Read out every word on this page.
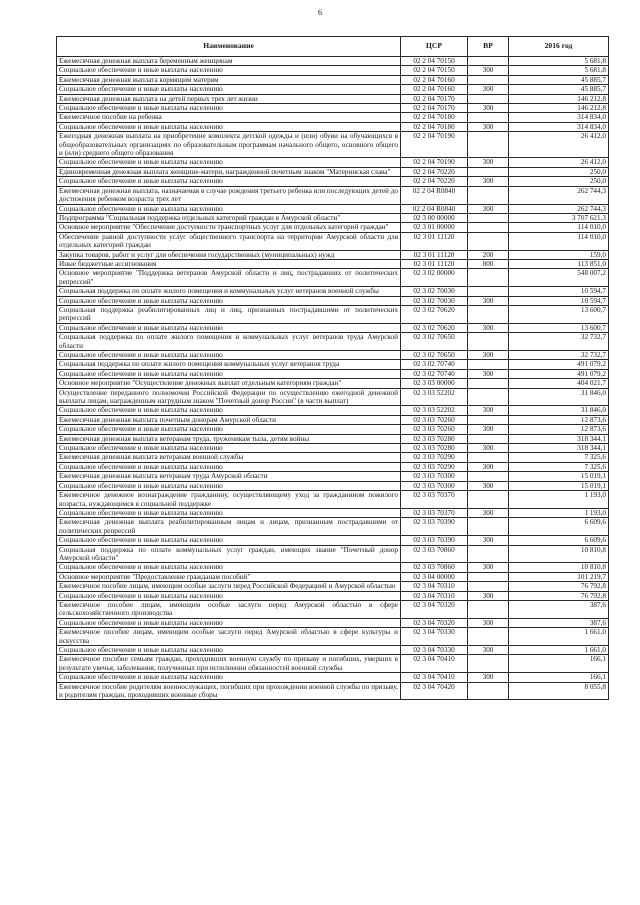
6
Наименование	ЦСР	ВР	2016 год
Ежемесячная денежная выплата беременным женщинам	02 2 04 70150		5 681,8
Социальное обеспечение и иные выплаты населению	02 2 04 70150	300	5 681,8
Ежемесячная денежная выплата кормящим матерям	02 2 04 70160		45 885,7
Социальное обеспечение и иные выплаты населению	02 2 04 70160	300	45 885,7
Ежемесячная денежная выплата на детей первых трех лет жизни	02 2 04 70170		146 212,8
Социальное обеспечение и иные выплаты населению	02 2 04 70170	300	146 212,8
Ежемесячное пособие на ребенка	02 2 04 70180		314 834,0
Социальное обеспечение и иные выплаты населению	02 2 04 70180	300	314 834,0
Ежегодная денежная выплата на приобретение комплекта детской одежды и (или) обуви на обучающихся в общеобразовательных организациях по образовательным программам начального общего, основного общего и (или) среднего общего образования	02 2 04 70190		26 412,0
Социальное обеспечение и иные выплаты населению	02 2 04 70190	300	26 412,0
Единовременная денежная выплата женщине-матери, награжденной почетным знаком "Материнская слава"	02 2 04 70220		250,0
Социальное обеспечение и иные выплаты населению	02 2 04 70220	300	250,0
Ежемесячная денежная выплата, назначаемая в случае рождения третьего ребенка или последующих детей до достижения ребенком возраста трех лет	02 2 04 R0840		262 744,3
Социальное обеспечение и иные выплаты населению	02 2 04 R0840	300	262 744,3
Подпрограмма "Социальная поддержка отдельных категорий граждан в Амурской области"	02 3 00 00000		3 707 621,3
Основное мероприятие "Обеспечение доступности транспортных услуг для отдельных категорий граждан"	02 3 01 00000		114 010,0
Обеспечение равной доступности услуг общественного транспорта на территории Амурской области для отдельных категорий граждан	02 3 01 11120		114 010,0
Закупка товаров, работ и услуг для обеспечения государственных (муниципальных) нужд	02 3 01 11120	200	159,0
Иные бюджетные ассигнования	02 3 01 11120	800	113 851,0
Основное мероприятие "Поддержка ветеранов Амурской области и лиц, пострадавших от политических репрессий"	02 3 02 00000		548 007,2
Социальная поддержка по оплате жилого помещения и коммунальных услуг ветеранов военной службы	02 3 02 70030		10 594,7
Социальное обеспечение и иные выплаты населению	02 3 02 70030	300	10 594,7
Социальная поддержка реабилитированных лиц и лиц, признанных пострадавшими от политических репрессий	02 3 02 70620		13 600,7
Социальное обеспечение и иные выплаты населению	02 3 02 70620	300	13 600,7
Социальная поддержка по оплате жилого помещения и коммунальных услуг ветеранов труда Амурской области	02 3 02 70650		32 732,7
Социальное обеспечение и иные выплаты населению	02 3 02 70650	300	32 732,7
Социальная поддержка по оплате жилого помещения коммунальных услуг ветеранов труда	02 3 02 70740		491 079,2
Социальное обеспечение и иные выплаты населению	02 3 02 70740	300	491 079,2
Основное мероприятие "Осуществление денежных выплат отдельным категориям граждан"	02 3 03 00000		404 021,7
Осуществление переданного полномочия Российской Федерации по осуществлению ежегодной денежной выплаты лицам, награжденным нагрудным знаком "Почетный донор России" (в части выплат)	02 3 03 52202		31 846,0
Социальное обеспечение и иные выплаты населению	02 3 03 52202	300	31 846,0
Ежемесячная денежная выплата почетным донорам Амурской области	02 3 03 70260		12 873,6
Социальное обеспечение и иные выплаты населению	02 3 03 70260	300	12 873,6
Ежемесячная денежная выплата ветеранам труда, труженикам тыла, детям войны	02 3 03 70280		318 344,1
Социальное обеспечение и иные выплаты населению	02 3 03 70280	300	318 344,1
Ежемесячная денежная выплата ветеранам военной службы	02 3 03 70290		7 325,6
Социальное обеспечение и иные выплаты населению	02 3 03 70290	300	7 325,6
Ежемесячная денежная выплата ветеранам труда Амурской области	02 3 03 70300		15 019,1
Социальное обеспечение и иные выплаты населению	02 3 03 70300	300	15 019,1
Ежемесячное денежное вознаграждение гражданину, осуществляющему уход за гражданином пожилого возраста, нуждающимся в социальной поддержке	02 3 03 70370		1 193,0
Социальное обеспечение и иные выплаты населению	02 3 03 70370	300	1 193,0
Ежемесячная денежная выплата реабилитированным лицам и лицам, признанным пострадавшими от политических репрессий	02 3 03 70390		6 609,6
Социальное обеспечение и иные выплаты населению	02 3 03 70390	300	6 609,6
Социальная поддержка по оплате коммунальных услуг граждан, имеющих звание "Почетный донор Амурской области"	02 3 03 70860		10 810,8
Социальное обеспечение и иные выплаты населению	02 3 03 70860	300	10 810,8
Основное мероприятие "Предоставление гражданам пособий"	02 3 04 00000		101 219,7
Ежемесячное пособие лицам, имеющим особые заслуги перед Российской Федерацией и Амурской областью	02 3 04 70310		76 792,8
Социальное обеспечение и иные выплаты населению	02 3 04 70310	300	76 792,8
Ежемесячное пособие лицам, имеющим особые заслуги перед Амурской областью в сфере сельскохозяйственного производства	02 3 04 70320		387,6
Социальное обеспечение и иные выплаты населению	02 3 04 70320	300	387,6
Ежемесячное пособие лицам, имеющим особые заслуги перед Амурской областью в сфере культуры и искусства	02 3 04 70330		1 661,0
Социальное обеспечение и иные выплаты населению	02 3 04 70330	300	1 661,0
Ежемесячное пособие семьям граждан, проходивших военную службу по призыву и погибших, умерших в результате увечья, заболевания, полученных при исполнении обязанностей военной службы	02 3 04 70410		166,1
Социальное обеспечение и иные выплаты населению	02 3 04 70410	300	166,1
Ежемесячное пособие родителям военнослужащих, погибших при прохождении военной службы по призыву, и родителям граждан, проходивших военные сборы	02 3 04 70420		8 055,8
